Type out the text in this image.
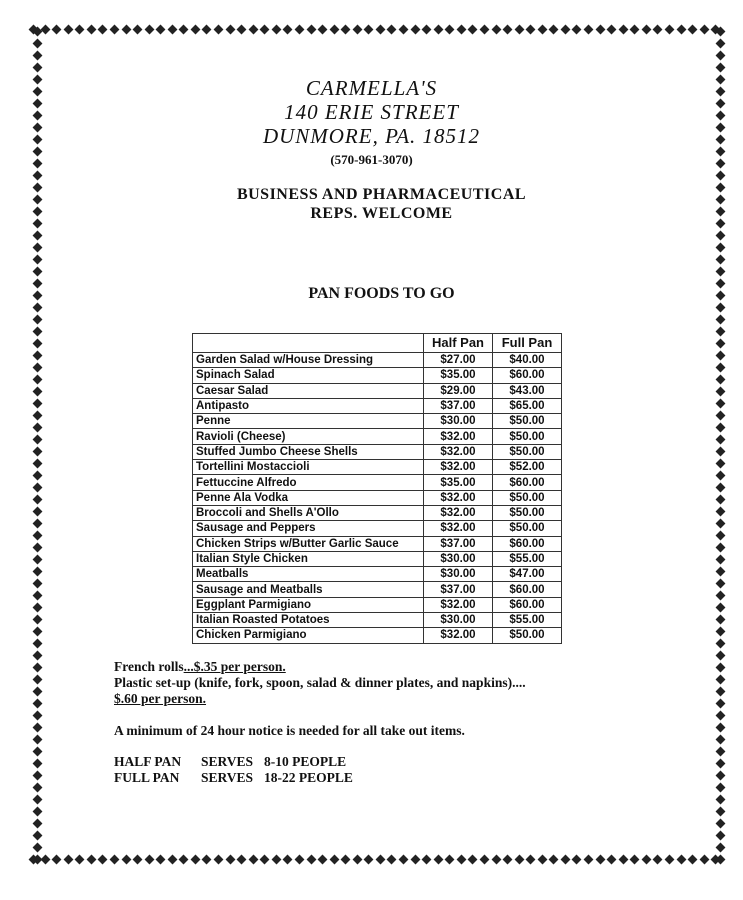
CARMELLA'S
140 ERIE STREET
DUNMORE, PA. 18512
(570-961-3070)
BUSINESS AND PHARMACEUTICAL
REPS. WELCOME
PAN FOODS TO GO
	Half Pan	Full Pan
Garden Salad w/House Dressing	$27.00	$40.00
Spinach Salad	$35.00	$60.00
Caesar Salad	$29.00	$43.00
Antipasto	$37.00	$65.00
Penne	$30.00	$50.00
Ravioli (Cheese)	$32.00	$50.00
Stuffed Jumbo Cheese Shells	$32.00	$50.00
Tortellini Mostaccioli	$32.00	$52.00
Fettuccine Alfredo	$35.00	$60.00
Penne Ala Vodka	$32.00	$50.00
Broccoli and Shells A'Ollo	$32.00	$50.00
Sausage and Peppers	$32.00	$50.00
Chicken Strips w/Butter Garlic Sauce	$37.00	$60.00
Italian Style Chicken	$30.00	$55.00
Meatballs	$30.00	$47.00
Sausage and Meatballs	$37.00	$60.00
Eggplant Parmigiano	$32.00	$60.00
Italian Roasted Potatoes	$30.00	$55.00
Chicken Parmigiano	$32.00	$50.00
French rolls...$.35 per person.
Plastic set-up (knife, fork, spoon, salad & dinner plates, and napkins)....
$.60 per person.
A minimum of 24 hour notice is needed for all take out items.
HALF PAN SERVES 8-10 PEOPLE
FULL PAN SERVES 18-22 PEOPLE
